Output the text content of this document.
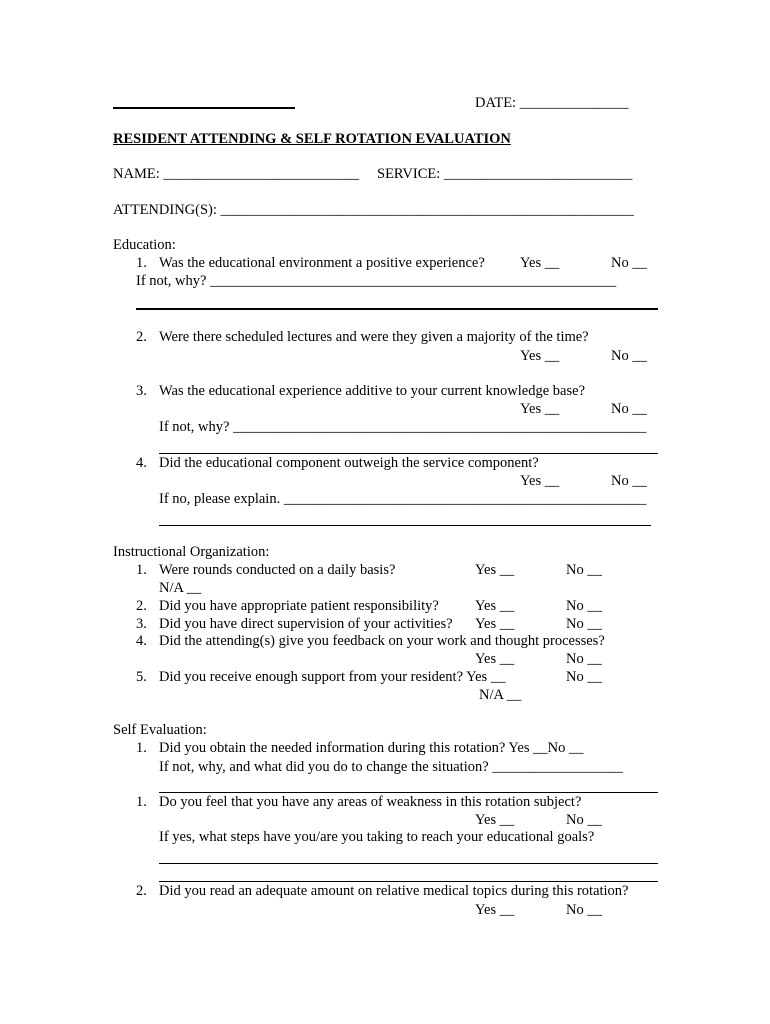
DATE: _______________
RESIDENT ATTENDING & SELF ROTATION EVALUATION
NAME: ___________________________ SERVICE: __________________________
ATTENDING(S): _________________________________________________________
Education:
1. Was the educational environment a positive experience? Yes __	No __
If not, why? ________________________________________________________
2. Were there scheduled lectures and were they given a majority of the time?
Yes __	No __
3. Was the educational experience additive to your current knowledge base?
Yes __	No __
If not, why? _________________________________________________________
4. Did the educational component outweigh the service component?
Yes __	No __
If no, please explain. __________________________________________________
Instructional Organization:
1. Were rounds conducted on a daily basis?	Yes __	No __
N/A __
2. Did you have appropriate patient responsibility? Yes __	No __
3. Did you have direct supervision of your activities? Yes __	No __
4. Did the attending(s) give you feedback on your work and thought processes?
Yes __	No __
5. Did you receive enough support from your resident? Yes __	No __
N/A __
Self Evaluation:
1. Did you obtain the needed information during this rotation? Yes __No __
If not, why, and what did you do to change the situation? __________________
1. Do you feel that you have any areas of weakness in this rotation subject?
Yes __	No __
If yes, what steps have you/are you taking to reach your educational goals?
2. Did you read an adequate amount on relative medical topics during this rotation?
Yes __	No __
